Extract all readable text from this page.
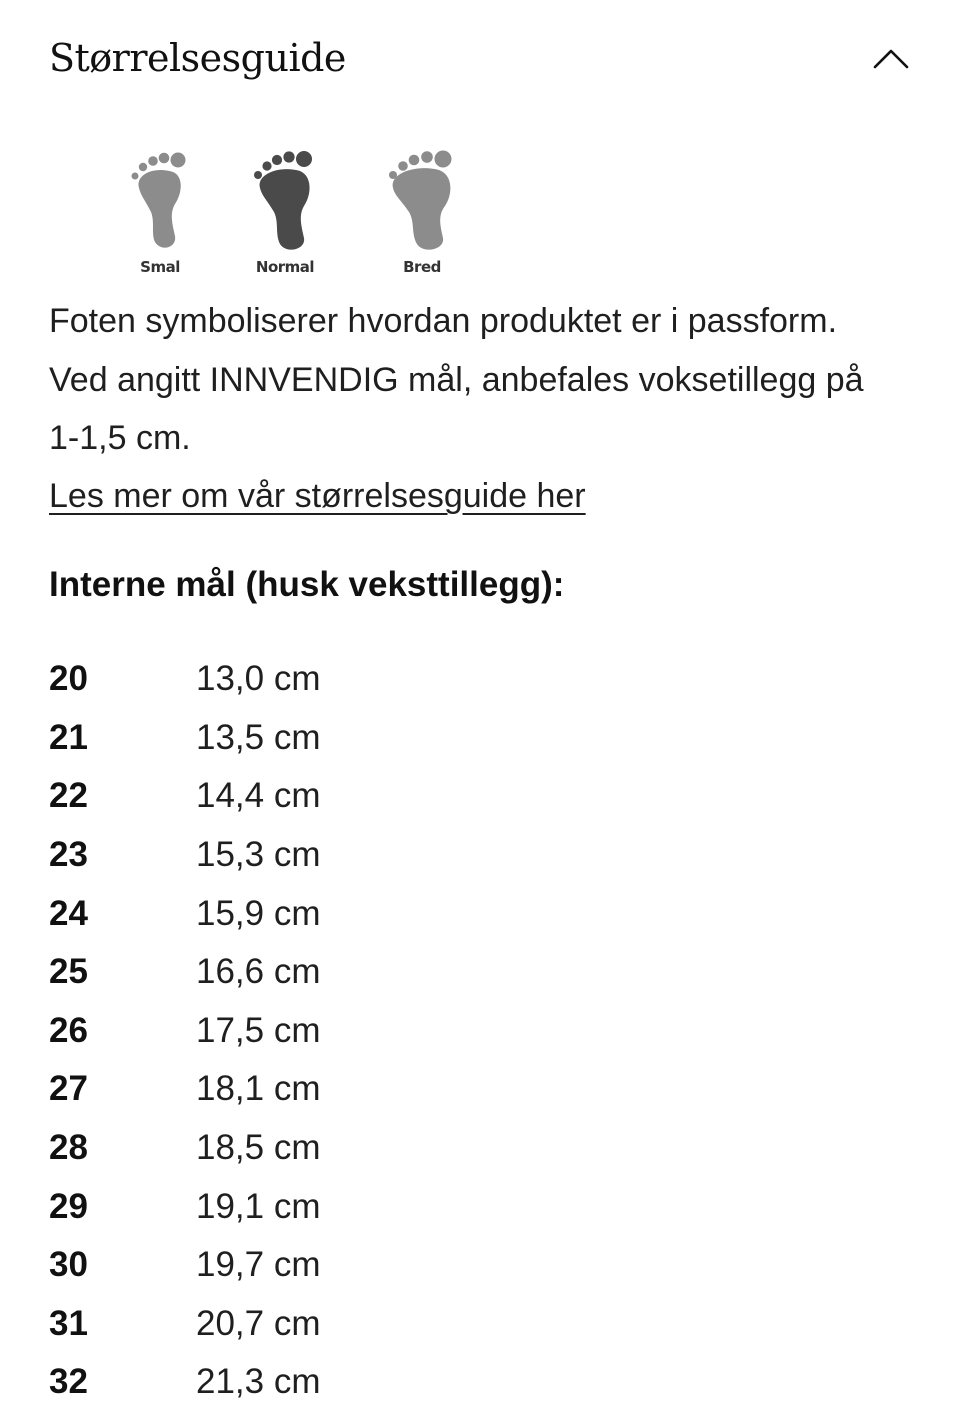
Størrelsesguide
Smal	Normal	Bred
Foten symboliserer hvordan produktet er i passform. Ved angitt INNVENDIG mål, anbefales voksetillegg på 1-1,5 cm.
Les mer om vår størrelsesguide her
Interne mål (husk veksttillegg):
20	13,0 cm
21	13,5 cm
22	14,4 cm
23	15,3 cm
24	15,9 cm
25	16,6 cm
26	17,5 cm
27	18,1 cm
28	18,5 cm
29	19,1 cm
30	19,7 cm
31	20,7 cm
32	21,3 cm
